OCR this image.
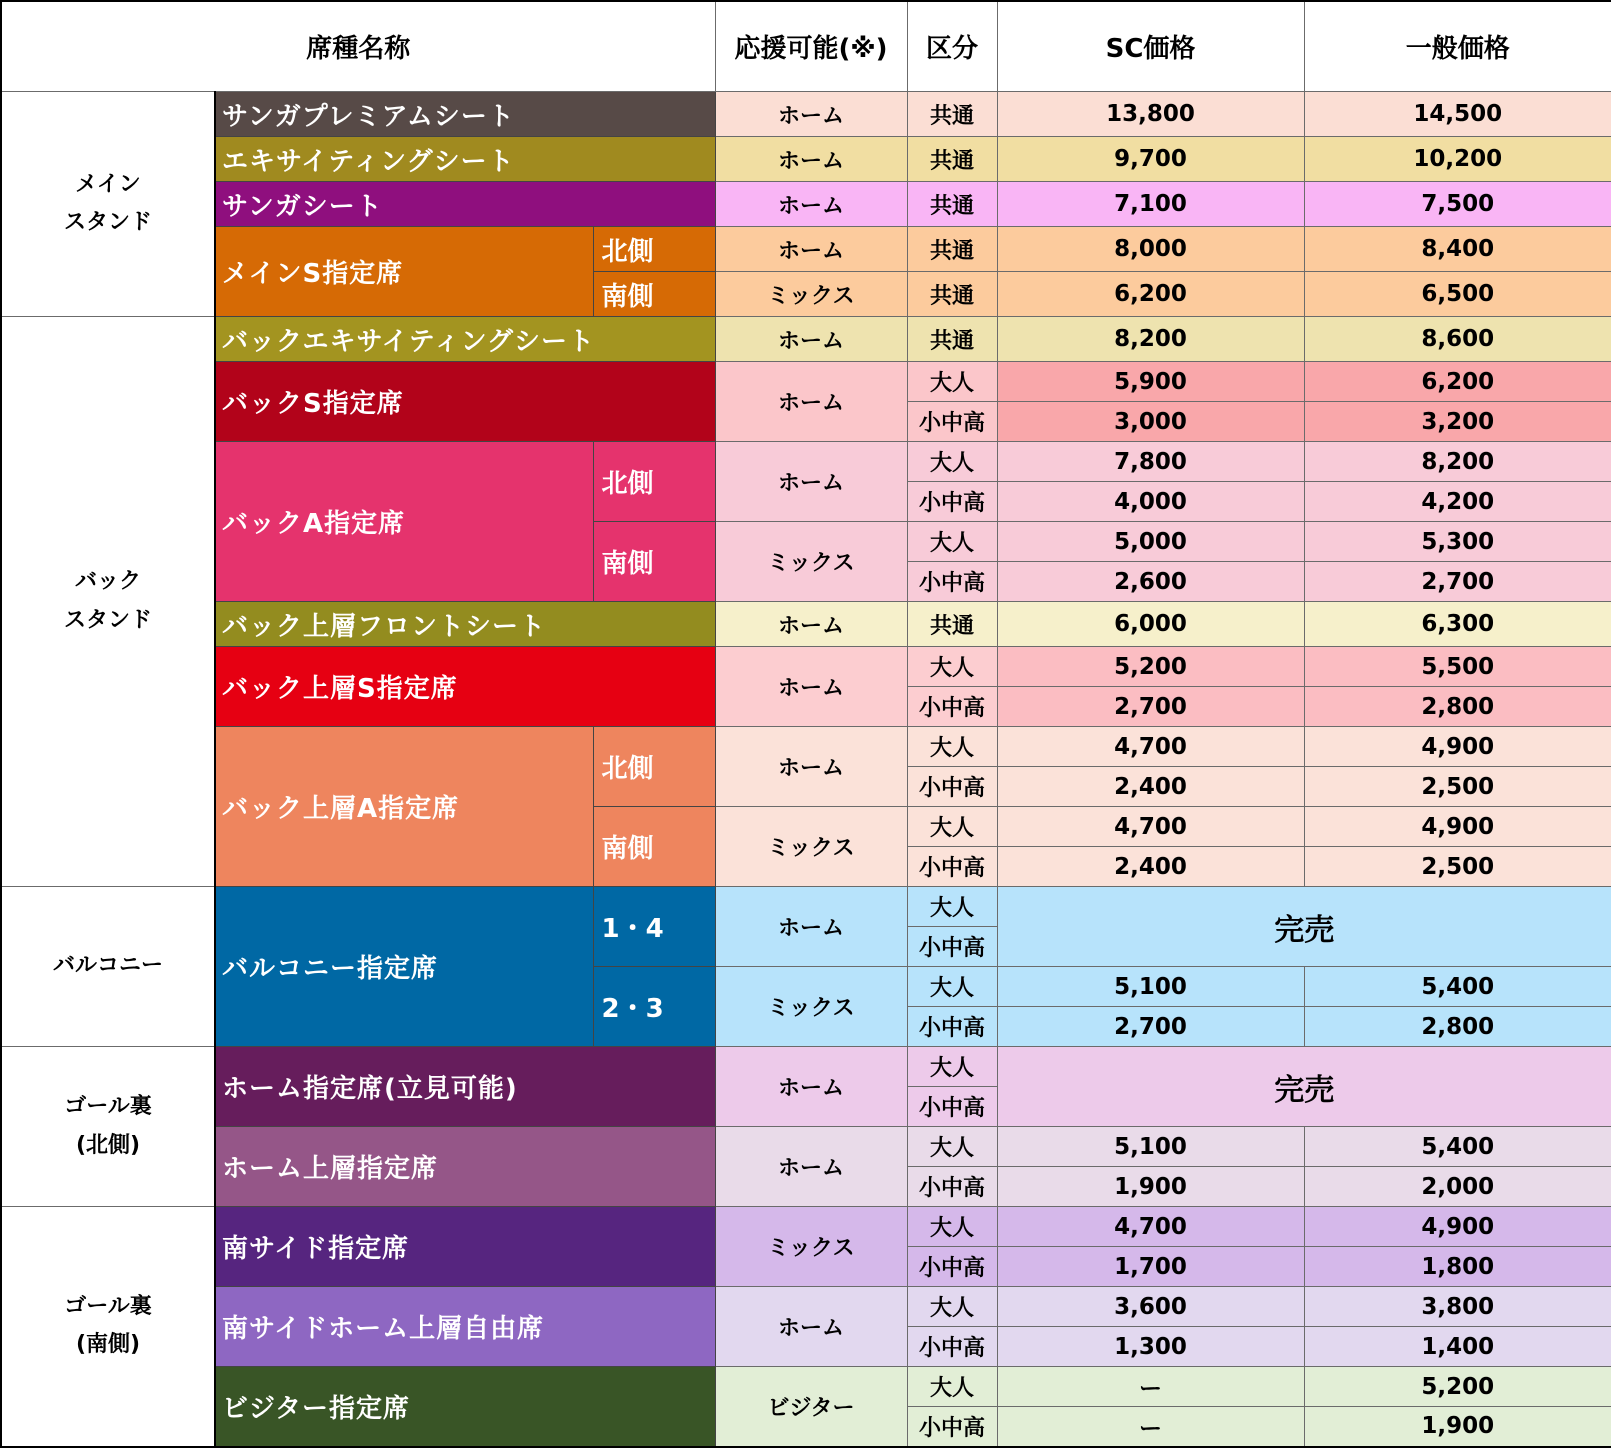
席種名称			応援可能(※)	区分	SC価格	一般価格
メイン
スタンド	サンガプレミアムシート		ホーム	共通	13,800	14,500
	エキサイティングシート		ホーム	共通	9,700	10,200
	サンガシート		ホーム	共通	7,100	7,500
	メインS指定席	北側	ホーム	共通	8,000	8,400
		南側	ミックス	共通	6,200	6,500
バック
スタンド	バックエキサイティングシート		ホーム	共通	8,200	8,600
	バックS指定席		ホーム	大人	5,900	6,200
				小中高	3,000	3,200
	バックA指定席	北側	ホーム	大人	7,800	8,200
				小中高	4,000	4,200
		南側	ミックス	大人	5,000	5,300
				小中高	2,600	2,700
	バック上層フロントシート		ホーム	共通	6,000	6,300
	バック上層S指定席		ホーム	大人	5,200	5,500
				小中高	2,700	2,800
	バック上層A指定席	北側	ホーム	大人	4,700	4,900
				小中高	2,400	2,500
		南側	ミックス	大人	4,700	4,900
				小中高	2,400	2,500
バルコニー	バルコニー指定席	1・4	ホーム	大人	完売	
				小中高		
		2・3	ミックス	大人	5,100	5,400
				小中高	2,700	2,800
ゴール裏
(北側)	ホーム指定席(立見可能)		ホーム	大人	完売	
				小中高		
	ホーム上層指定席		ホーム	大人	5,100	5,400
				小中高	1,900	2,000
ゴール裏
(南側)	南サイド指定席		ミックス	大人	4,700	4,900
				小中高	1,700	1,800
	南サイドホーム上層自由席		ホーム	大人	3,600	3,800
				小中高	1,300	1,400
	ビジター指定席		ビジター	大人	ー	5,200
				小中高	ー	1,900
